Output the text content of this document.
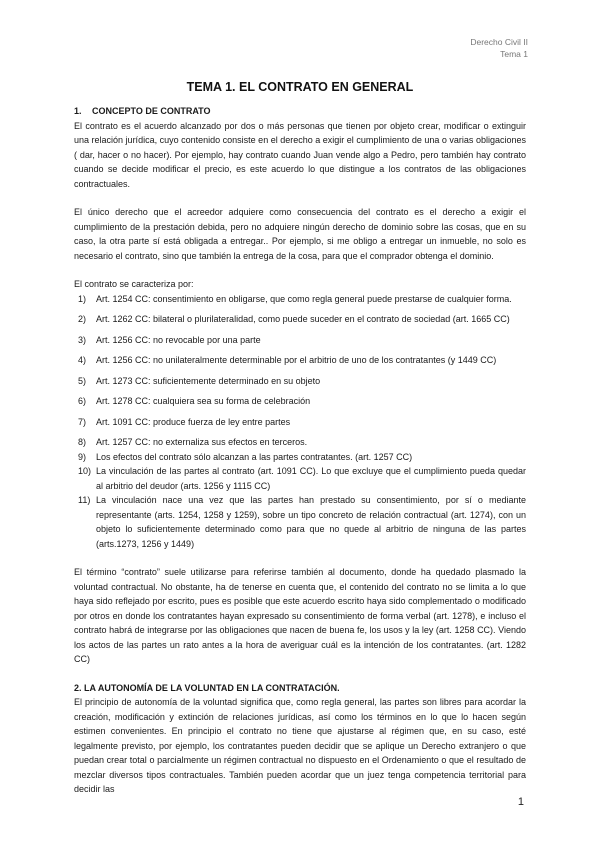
Derecho Civil II
Tema 1
TEMA 1. EL CONTRATO EN GENERAL

1. CONCEPTO DE CONTRATO

El contrato es el acuerdo alcanzado por dos o más personas que tienen por objeto crear, modificar o extinguir una relación jurídica, cuyo contenido consiste en el derecho a exigir el cumplimiento de una o varias obligaciones ( dar, hacer o no hacer). Por ejemplo, hay contrato cuando Juan vende algo a Pedro, pero también hay contrato cuando se decide modificar el precio, es este acuerdo lo que distingue a los contratos de las obligaciones contractuales.

El único derecho que el acreedor adquiere como consecuencia del contrato es el derecho a exigir el cumplimiento de la prestación debida, pero no adquiere ningún derecho de dominio sobre las cosas, que en su caso, la otra parte sí está obligada a entregar.. Por ejemplo, si me obligo a entregar un inmueble, no solo es necesario el contrato, sino que también la entrega de la cosa, para que el comprador obtenga el dominio.

El contrato se caracteriza por:

1) Art. 1254 CC: consentimiento en obligarse, que como regla general puede prestarse de cualquier forma.
2) Art. 1262 CC: bilateral o plurilateralidad, como puede suceder en el contrato de sociedad (art. 1665 CC)
3) Art. 1256 CC: no revocable por una parte
4) Art. 1256 CC: no unilateralmente determinable por el arbitrio de uno de los contratantes (y 1449 CC)
5) Art. 1273 CC: suficientemente determinado en su objeto
6) Art. 1278 CC: cualquiera sea su forma de celebración
7) Art. 1091 CC: produce fuerza de ley entre partes
8) Art. 1257 CC: no externaliza sus efectos en terceros.
9) Los efectos del contrato sólo alcanzan a las partes contratantes. (art. 1257 CC)
10) La vinculación de las partes al contrato (art. 1091 CC). Lo que excluye que el cumplimiento pueda quedar al arbitrio del deudor (arts. 1256 y 1115 CC)
11) La vinculación nace una vez que las partes han prestado su consentimiento, por sí o mediante representante (arts. 1254, 1258 y 1259), sobre un tipo concreto de relación contractual (art. 1274), con un objeto lo suficientemente determinado como para que no quede al arbitrio de ninguna de las partes (arts.1273, 1256 y 1449)

El término “contrato” suele utilizarse para referirse también al documento, donde ha quedado plasmado la voluntad contractual. No obstante, ha de tenerse en cuenta que, el contenido del contrato no se limita a lo que haya sido reflejado por escrito, pues es posible que este acuerdo escrito haya sido complementado o modificado por otros en donde los contratantes hayan expresado su consentimiento de forma verbal (art. 1278), e incluso el contrato habrá de integrarse por las obligaciones que nacen de buena fe, los usos y la ley (art. 1258 CC). Viendo los actos de las partes un rato antes a la hora de averiguar cuál es la intención de los contratantes. (art. 1282 CC)

2. LA AUTONOMÍA DE LA VOLUNTAD EN LA CONTRATACIÓN.

El principio de autonomía de la voluntad significa que, como regla general, las partes son libres para acordar la creación, modificación y extinción de relaciones jurídicas, así como los términos en lo que lo hacen según estimen convenientes. En principio el contrato no tiene que ajustarse al régimen que, en su caso, esté legalmente previsto, por ejemplo, los contratantes pueden decidir que se aplique un Derecho extranjero o que puedan crear total o parcialmente un régimen contractual no dispuesto en el Ordenamiento o que el resultado de mezclar diversos tipos contractuales. También pueden acordar que un juez tenga competencia territorial para decidir las

1
